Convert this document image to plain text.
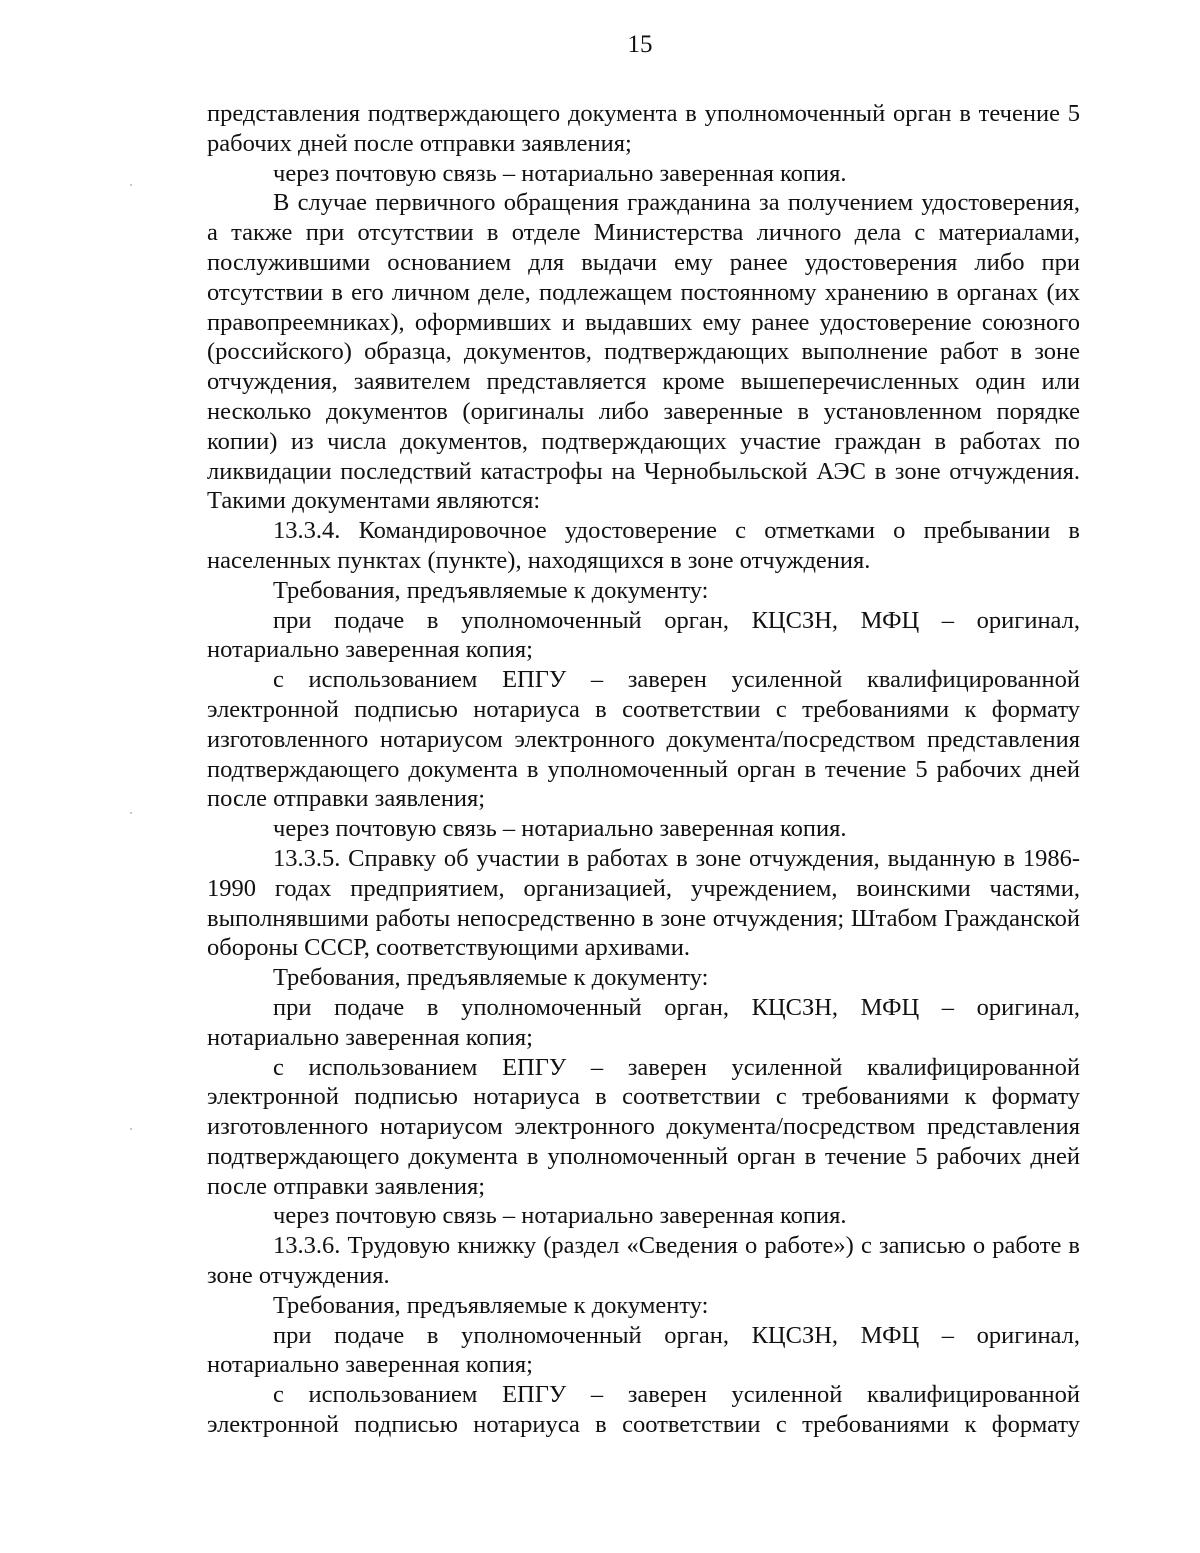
15

представления подтверждающего документа в уполномоченный орган в течение 5 рабочих дней после отправки заявления;

через почтовую связь – нотариально заверенная копия.

В случае первичного обращения гражданина за получением удостоверения, а также при отсутствии в отделе Министерства личного дела с материалами, послужившими основанием для выдачи ему ранее удостоверения либо при отсутствии в его личном деле, подлежащем постоянному хранению в органах (их правопреемниках), оформивших и выдавших ему ранее удостоверение союзного (российского) образца, документов, подтверждающих выполнение работ в зоне отчуждения, заявителем представляется кроме вышеперечисленных один или несколько документов (оригиналы либо заверенные в установленном порядке копии) из числа документов, подтверждающих участие граждан в работах по ликвидации последствий катастрофы на Чернобыльской АЭС в зоне отчуждения. Такими документами являются:

13.3.4. Командировочное удостоверение с отметками о пребывании в населенных пунктах (пункте), находящихся в зоне отчуждения.

Требования, предъявляемые к документу:

при подаче в уполномоченный орган, КЦСЗН, МФЦ – оригинал, нотариально заверенная копия;

с использованием ЕПГУ – заверен усиленной квалифицированной электронной подписью нотариуса в соответствии с требованиями к формату изготовленного нотариусом электронного документа/посредством представления подтверждающего документа в уполномоченный орган в течение 5 рабочих дней после отправки заявления;

через почтовую связь – нотариально заверенная копия.

13.3.5. Справку об участии в работах в зоне отчуждения, выданную в 1986-1990 годах предприятием, организацией, учреждением, воинскими частями, выполнявшими работы непосредственно в зоне отчуждения; Штабом Гражданской обороны СССР, соответствующими архивами.

Требования, предъявляемые к документу:

при подаче в уполномоченный орган, КЦСЗН, МФЦ – оригинал, нотариально заверенная копия;

с использованием ЕПГУ – заверен усиленной квалифицированной электронной подписью нотариуса в соответствии с требованиями к формату изготовленного нотариусом электронного документа/посредством представления подтверждающего документа в уполномоченный орган в течение 5 рабочих дней после отправки заявления;

через почтовую связь – нотариально заверенная копия.

13.3.6. Трудовую книжку (раздел «Сведения о работе») с записью о работе в зоне отчуждения.

Требования, предъявляемые к документу:

при подаче в уполномоченный орган, КЦСЗН, МФЦ – оригинал, нотариально заверенная копия;

с использованием ЕПГУ – заверен усиленной квалифицированной электронной подписью нотариуса в соответствии с требованиями к формату
